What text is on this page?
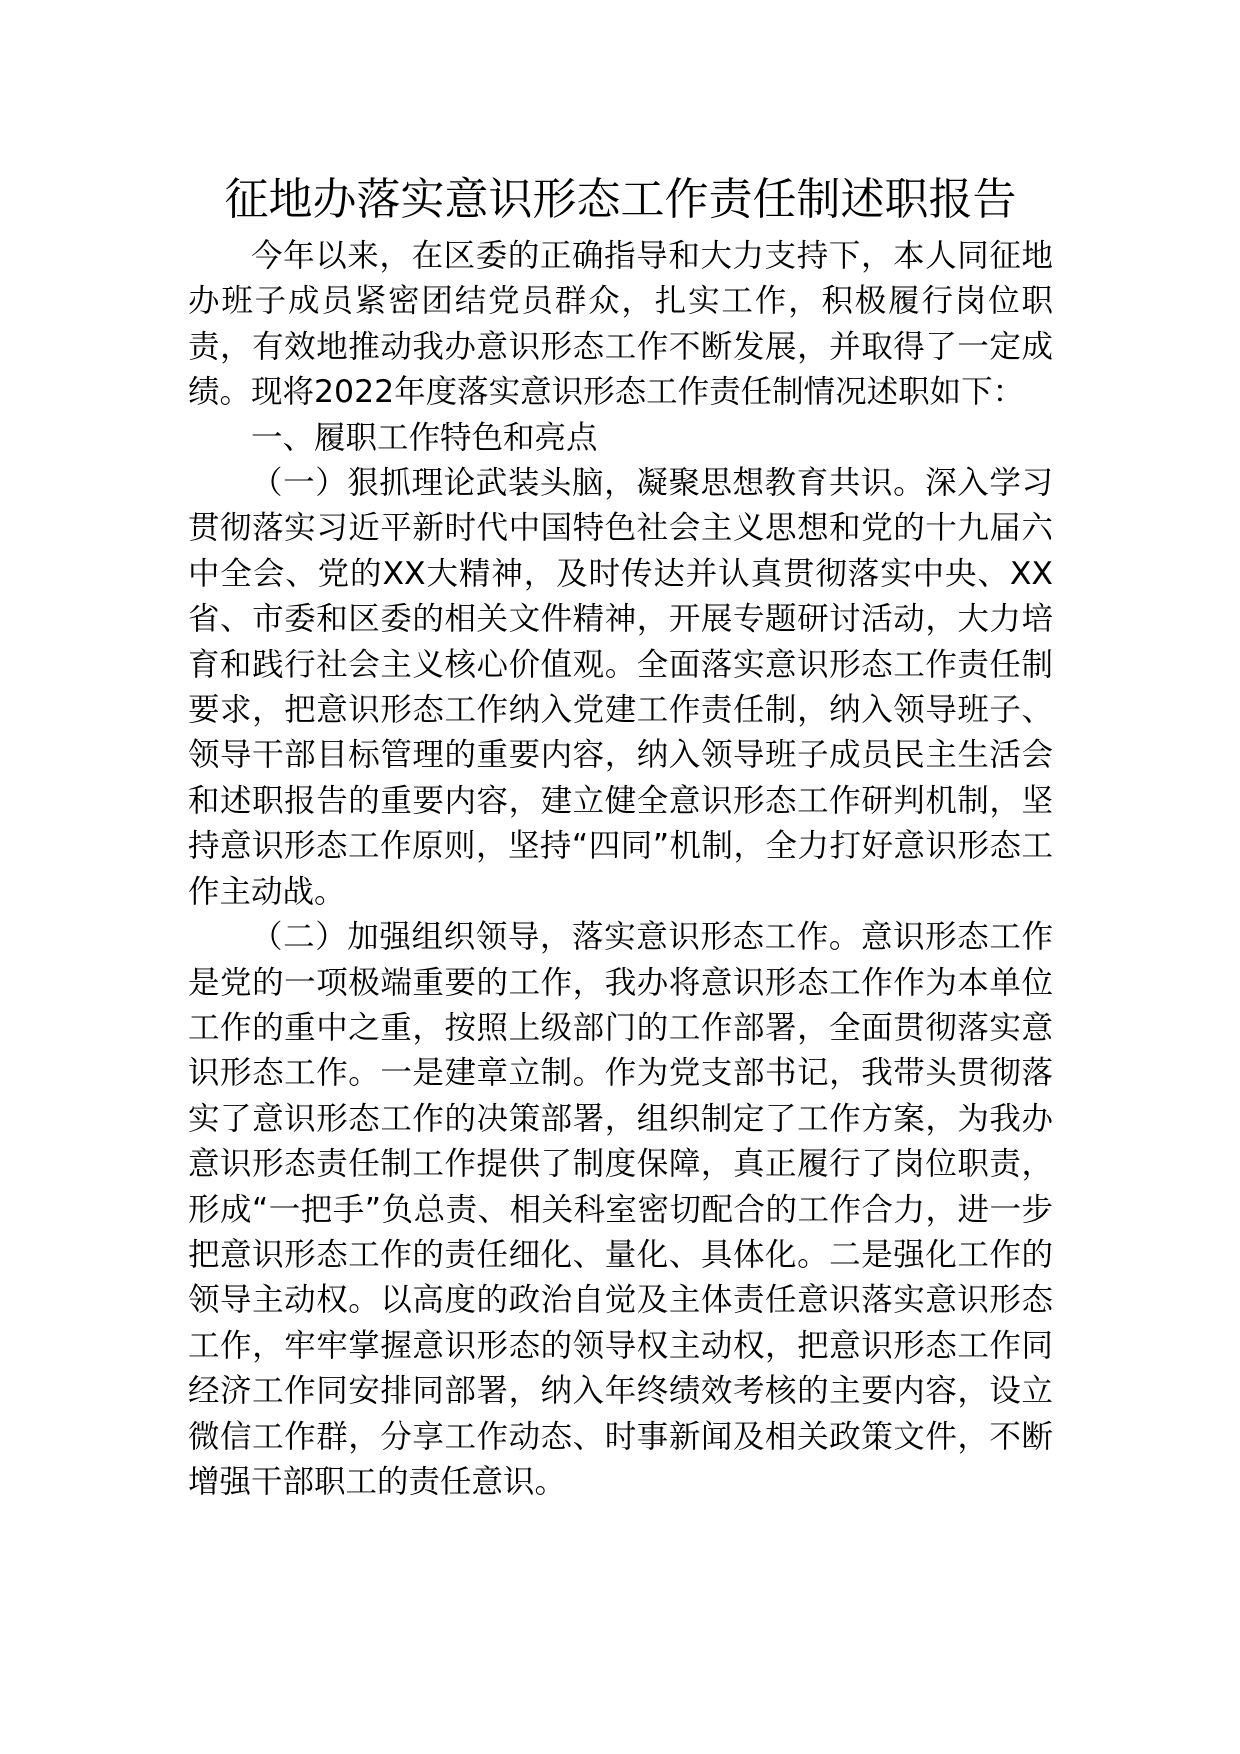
征地办落实意识形态工作责任制述职报告

今年以来，在区委的正确指导和大力支持下，本人同征地办班子成员紧密团结党员群众，扎实工作，积极履行岗位职责，有效地推动我办意识形态工作不断发展，并取得了一定成绩。现将2022年度落实意识形态工作责任制情况述职如下：

一、履职工作特色和亮点

（一）狠抓理论武装头脑，凝聚思想教育共识。深入学习贯彻落实习近平新时代中国特色社会主义思想和党的十九届六中全会、党的XX大精神，及时传达并认真贯彻落实中央、XX省、市委和区委的相关文件精神，开展专题研讨活动，大力培育和践行社会主义核心价值观。全面落实意识形态工作责任制要求，把意识形态工作纳入党建工作责任制，纳入领导班子、领导干部目标管理的重要内容，纳入领导班子成员民主生活会和述职报告的重要内容，建立健全意识形态工作研判机制，坚持意识形态工作原则，坚持“四同”机制，全力打好意识形态工作主动战。

（二）加强组织领导，落实意识形态工作。意识形态工作是党的一项极端重要的工作，我办将意识形态工作作为本单位工作的重中之重，按照上级部门的工作部署，全面贯彻落实意识形态工作。一是建章立制。作为党支部书记，我带头贯彻落实了意识形态工作的决策部署，组织制定了工作方案，为我办意识形态责任制工作提供了制度保障，真正履行了岗位职责，形成“一把手”负总责、相关科室密切配合的工作合力，进一步把意识形态工作的责任细化、量化、具体化。二是强化工作的领导主动权。以高度的政治自觉及主体责任意识落实意识形态工作，牢牢掌握意识形态的领导权主动权，把意识形态工作同经济工作同安排同部署，纳入年终绩效考核的主要内容，设立微信工作群，分享工作动态、时事新闻及相关政策文件，不断增强干部职工的责任意识。
